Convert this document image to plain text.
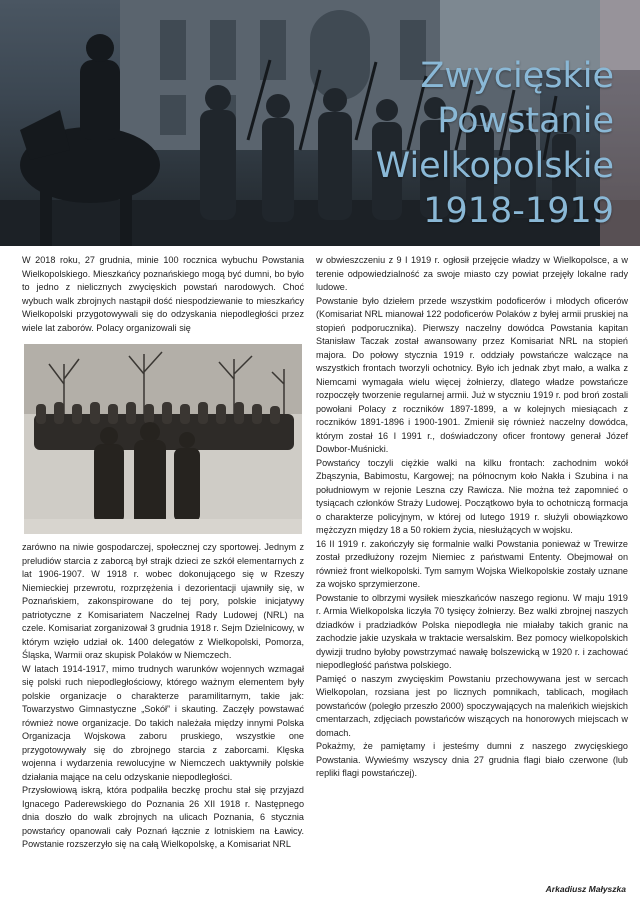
Zwycięskie
Powstanie
Wielkopolskie
1918-1919

W 2018 roku, 27 grudnia, minie 100 rocznica wybuchu Powstania Wielkopolskiego. Mieszkańcy poznańskiego mogą być dumni, bo było to jedno z nielicznych zwycięskich powstań narodowych. Choć wybuch walk zbrojnych nastąpił dość niespodziewanie to mieszkańcy Wielkopolski przygotowywali się do odzyskania niepodległości przez wiele lat zaborów. Polacy organizowali się

zarówno na niwie gospodarczej, społecznej czy sportowej. Jednym z preludiów starcia z zaborcą był strajk dzieci ze szkół elementarnych z lat 1906-1907. W 1918 r. wobec dokonującego się w Rzeszy Niemieckiej przewrotu, rozprzężenia i dezorientacji ujawniły się, w Poznańskiem, zakonspirowane do tej pory, polskie inicjatywy patriotyczne z Komisariatem Naczelnej Rady Ludowej (NRL) na czele. Komisariat zorganizował 3 grudnia 1918 r. Sejm Dzielnicowy, w którym wzięło udział ok. 1400 delegatów z Wielkopolski, Pomorza, Śląska, Warmii oraz skupisk Polaków w Niemczech.

W latach 1914-1917, mimo trudnych warunków wojennych wzmagał się polski ruch niepodległościowy, którego ważnym elementem były polskie organizacje o charakterze paramilitarnym, takie jak: Towarzystwo Gimnastyczne „Sokół” i skauting. Zaczęły powstawać również nowe organizacje. Do takich należała między innymi Polska Organizacja Wojskowa zaboru pruskiego, wszystkie one przygotowywały się do zbrojnego starcia z zaborcami. Klęska wojenna i wydarzenia rewolucyjne w Niemczech uaktywniły polskie działania mające na celu odzyskanie niepodległości.

Przysłowiową iskrą, która podpaliła beczkę prochu stał się przyjazd Ignacego Paderewskiego do Poznania 26 XII 1918 r. Następnego dnia doszło do walk zbrojnych na ulicach Poznania, 6 stycznia powstańcy opanowali cały Poznań łącznie z lotniskiem na Ławicy. Powstanie rozszerzyło się na całą Wielkopolskę, a Komisariat NRL

w obwieszczeniu z 9 I 1919 r. ogłosił przejęcie władzy w Wielkopolsce, a w terenie odpowiedzialność za swoje miasto czy powiat przejęły lokalne rady ludowe.

Powstanie było dziełem przede wszystkim podoficerów i młodych oficerów (Komisariat NRL mianował 122 podoficerów Polaków z byłej armii pruskiej na stopień podporucznika). Pierwszy naczelny dowódca Powstania kapitan Stanisław Taczak został awansowany przez Komisariat NRL na stopień majora. Do połowy stycznia 1919 r. oddziały powstańcze walczące na wszystkich frontach tworzyli ochotnicy. Było ich jednak zbyt mało, a walka z Niemcami wymagała wielu więcej żołnierzy, dlatego władze powstańcze rozpoczęły tworzenie regularnej armii. Już w styczniu 1919 r. pod broń zostali powołani Polacy z roczników 1897-1899, a w kolejnych miesiącach z roczników 1891-1896 i 1900-1901. Zmienił się również naczelny dowódca, którym został 16 I 1991 r., doświadczony oficer frontowy generał Józef Dowbor-Muśnicki.

Powstańcy toczyli ciężkie walki na kilku frontach: zachodnim wokół Zbąszynia, Babimostu, Kargowej; na północnym koło Nakła i Szubina i na południowym w rejonie Leszna czy Rawicza. Nie można też zapomnieć o tysiącach członków Straży Ludowej. Początkowo była to ochotniczą formacja o charakterze policyjnym, w której od lutego 1919 r. służyli obowiązkowo mężczyzn między 18 a 50 rokiem życia, niesłużących w wojsku.

16 II 1919 r. zakończyły się formalnie walki Powstania ponieważ w Trewirze został przedłużony rozejm Niemiec z państwami Ententy. Obejmował on również front wielkopolski. Tym samym Wojska Wielkopolskie zostały uznane za wojsko sprzymierzone.

Powstanie to olbrzymi wysiłek mieszkańców naszego regionu. W maju 1919 r. Armia Wielkopolska liczyła 70 tysięcy żołnierzy. Bez walki zbrojnej naszych dziadków i pradziadków Polska niepodległa nie miałaby takich granic na zachodzie jakie uzyskała w traktacie wersalskim. Bez pomocy wielkopolskich dywizji trudno byłoby powstrzymać nawałę bolszewicką w 1920 r. i zachować niepodległość państwa polskiego.

Pamięć o naszym zwycięskim Powstaniu przechowywana jest w sercach Wielkopolan, rozsiana jest po licznych pomnikach, tablicach, mogiłach powstańców (poległo przeszło 2000) spoczywających na maleńkich wiejskich cmentarzach, zdjęciach powstańców wiszących na honorowych miejscach w domach.

Pokażmy, że pamiętamy i jesteśmy dumni z naszego zwycięskiego Powstania. Wywieśmy wszyscy dnia 27 grudnia flagi biało czerwone (lub repliki flagi powstańczej).

Arkadiusz Małyszka
